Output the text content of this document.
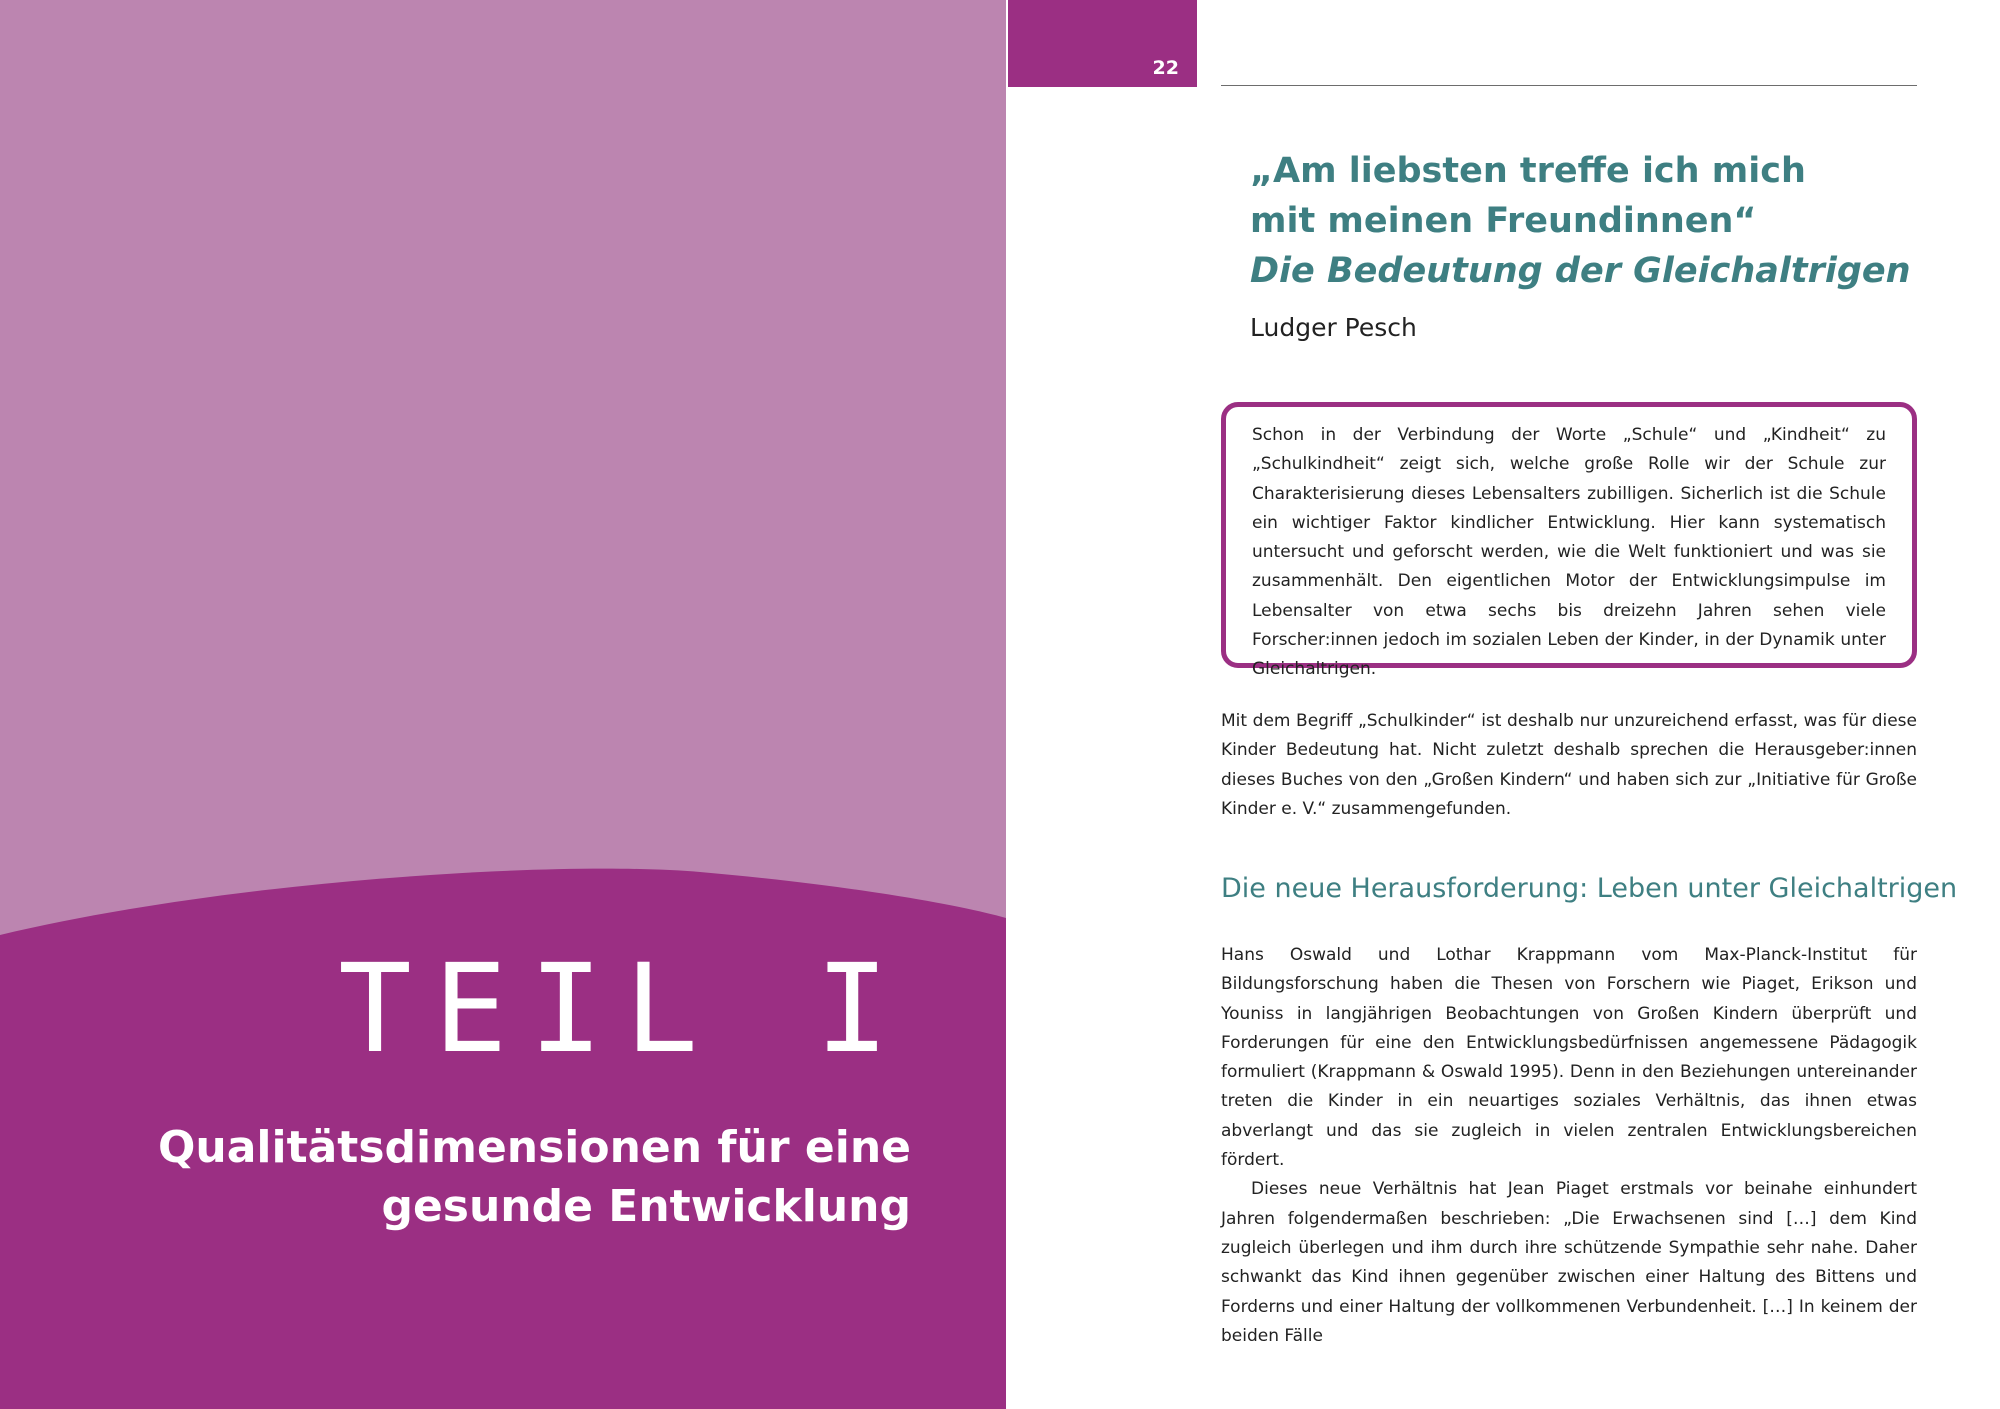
TEIL I
Qualitätsdimensionen für eine gesunde Entwicklung
22
„Am liebsten treffe ich mich
mit meinen Freundinnen“
Die Bedeutung der Gleichaltrigen

Ludger Pesch

Schon in der Verbindung der Worte „Schule“ und „Kindheit“ zu „Schulkindheit“ zeigt sich, welche große Rolle wir der Schule zur Charakterisierung dieses Lebensalters zubilligen. Sicherlich ist die Schule ein wichtiger Faktor kindlicher Entwicklung. Hier kann systematisch untersucht und geforscht werden, wie die Welt funktioniert und was sie zusammenhält. Den eigentlichen Motor der Entwicklungsimpulse im Lebensalter von etwa sechs bis dreizehn Jahren sehen viele Forscher:innen jedoch im sozialen Leben der Kinder, in der Dynamik unter Gleichaltrigen.

Mit dem Begriff „Schulkinder“ ist deshalb nur unzureichend erfasst, was für diese Kinder Bedeutung hat. Nicht zuletzt deshalb sprechen die Herausgeber:innen dieses Buches von den „Großen Kindern“ und haben sich zur „Initiative für Große Kinder e. V.“ zusammengefunden.

Die neue Herausforderung: Leben unter Gleichaltrigen

Hans Oswald und Lothar Krappmann vom Max-Planck-Institut für Bildungsforschung haben die Thesen von Forschern wie Piaget, Erikson und Youniss in langjährigen Beobachtungen von Großen Kindern überprüft und Forderungen für eine den Entwicklungsbedürfnissen angemessene Pädagogik formuliert (Krappmann & Oswald 1995). Denn in den Beziehungen untereinander treten die Kinder in ein neuartiges soziales Verhältnis, das ihnen etwas abverlangt und das sie zugleich in vielen zentralen Entwicklungsbereichen fördert.

Dieses neue Verhältnis hat Jean Piaget erstmals vor beinahe einhundert Jahren folgendermaßen beschrieben: „Die Erwachsenen sind […] dem Kind zugleich überlegen und ihm durch ihre schützende Sympathie sehr nahe. Daher schwankt das Kind ihnen gegenüber zwischen einer Haltung des Bittens und Forderns und einer Haltung der vollkommenen Verbundenheit. […] In keinem der beiden Fälle
